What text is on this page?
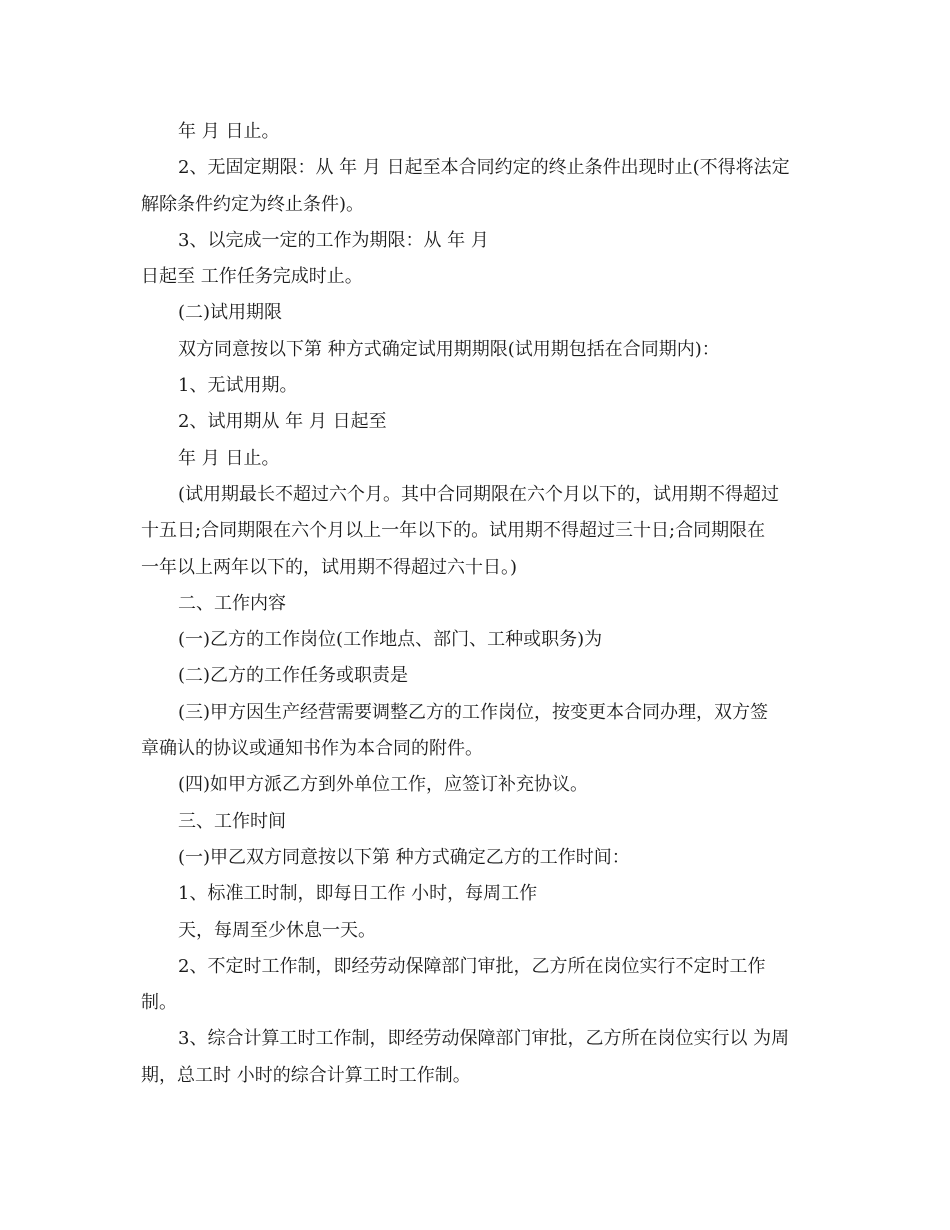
年 月 日止。

2、无固定期限：从 年 月 日起至本合同约定的终止条件出现时止(不得将法定

解除条件约定为终止条件)。

3、以完成一定的工作为期限：从 年 月

日起至 工作任务完成时止。

(二)试用期限

双方同意按以下第 种方式确定试用期期限(试用期包括在合同期内)：

1、无试用期。

2、试用期从 年 月 日起至

年 月 日止。

(试用期最长不超过六个月。其中合同期限在六个月以下的，试用期不得超过

十五日;合同期限在六个月以上一年以下的。试用期不得超过三十日;合同期限在

一年以上两年以下的，试用期不得超过六十日。)

二、工作内容

(一)乙方的工作岗位(工作地点、部门、工种或职务)为

(二)乙方的工作任务或职责是

(三)甲方因生产经营需要调整乙方的工作岗位，按变更本合同办理，双方签

章确认的协议或通知书作为本合同的附件。

(四)如甲方派乙方到外单位工作，应签订补充协议。

三、工作时间

(一)甲乙双方同意按以下第 种方式确定乙方的工作时间：

1、标准工时制，即每日工作 小时，每周工作

天，每周至少休息一天。

2、不定时工作制，即经劳动保障部门审批，乙方所在岗位实行不定时工作

制。

3、综合计算工时工作制，即经劳动保障部门审批，乙方所在岗位实行以 为周

期，总工时 小时的综合计算工时工作制。
